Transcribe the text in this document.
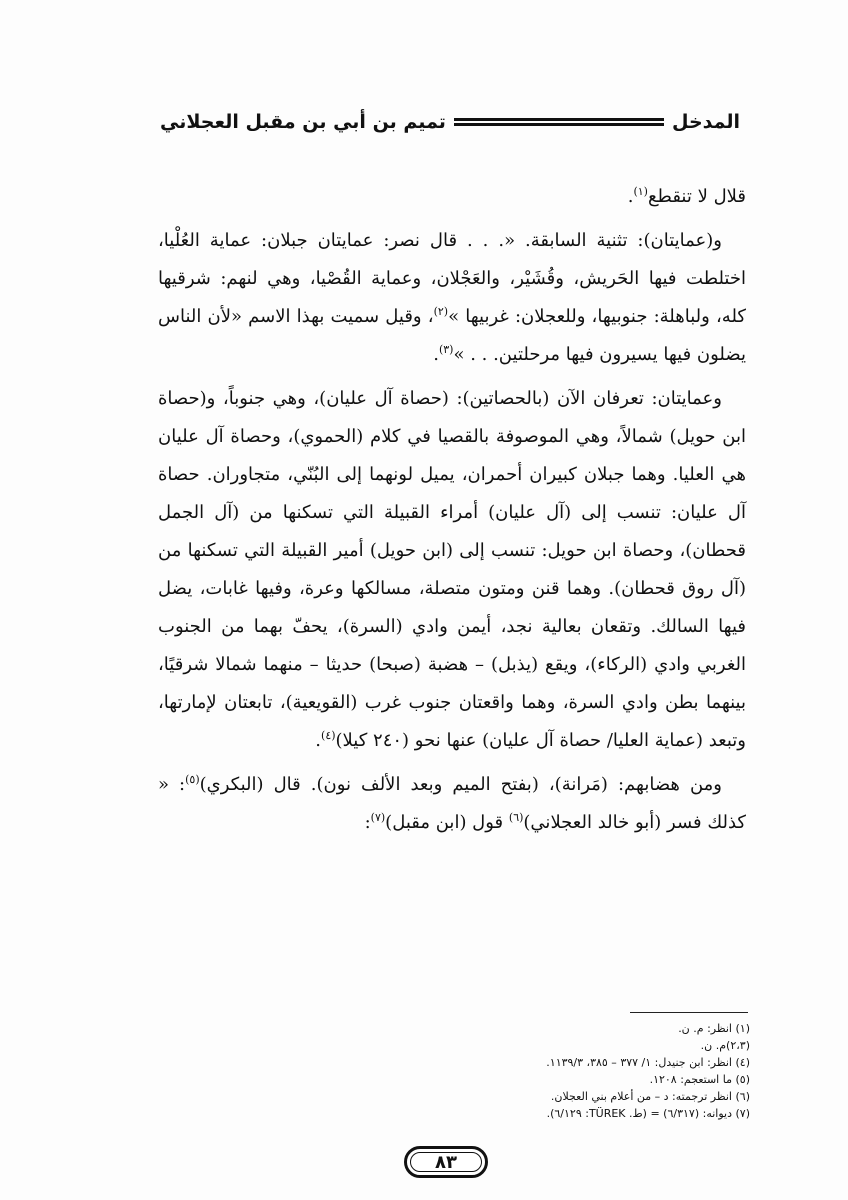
المدخل
تميم بن أبي بن مقبل العجلاني

قلال لا تنقطع$^{(١)}$.

و(عمايتان): تثنية السابقة. «. . . قال نصر: عمايتان جبلان: عماية العُلْيا، اختلطت فيها الحَريش، وقُشَيْر، والعَجْلان، وعماية القُصْيا، وهي لنهم: شرقيها كله، ولباهلة: جنوبيها، وللعجلان: غربيها »$^{(٢)}$، وقيل سميت بهذا الاسم «لأن الناس يضلون فيها يسيرون فيها مرحلتين. . . »$^{(٣)}$.

وعمايتان: تعرفان الآن (بالحصاتين): (حصاة آل عليان)، وهي جنوباً، و(حصاة ابن حويل) شمالاً، وهي الموصوفة بالقصيا في كلام (الحموي)، وحصاة آل عليان هي العليا. وهما جبلان كبيران أحمران، يميل لونهما إلى البُنّي، متجاوران. حصاة آل عليان: تنسب إلى (آل عليان) أمراء القبيلة التي تسكنها من (آل الجمل قحطان)، وحصاة ابن حويل: تنسب إلى (ابن حويل) أمير القبيلة التي تسكنها من (آل روق قحطان). وهما قنن ومتون متصلة، مسالكها وعرة، وفيها غابات، يضل فيها السالك. وتقعان بعالية نجد، أيمن وادي (السرة)، يحفّ بهما من الجنوب الغربي وادي (الركاء)، ويقع (يذبل) – هضبة (صبحا) حديثا – منهما شمالا شرقيًا، بينهما بطن وادي السرة، وهما واقعتان جنوب غرب (القويعية)، تابعتان لإمارتها، وتبعد (عماية العليا/ حصاة آل عليان) عنها نحو (٢٤٠ كيلا)$^{(٤)}$.

ومن هضابهم: (مَرانة)، (بفتح الميم وبعد الألف نون). قال (البكري)$^{(٥)}$: « كذلك فسر (أبو خالد العجلاني)$^{(٦)}$ قول (ابن مقبل)$^{(٧)}$:

(١) انظر: م. ن.
(٢،٣)م. ن.
(٤) انظر: ابن جنيدل: ١/ ٣٧٧ – ٣٨٥، ١١٣٩/٣.
(٥) ما استعجم: ١٢٠٨.
(٦) انظر ترجمته: د – من أعلام بني العجلان.
(٧) ديوانه: (٦/٣١٧) = (ط. TÜREK: ٦/١٢٩).
٨٣
